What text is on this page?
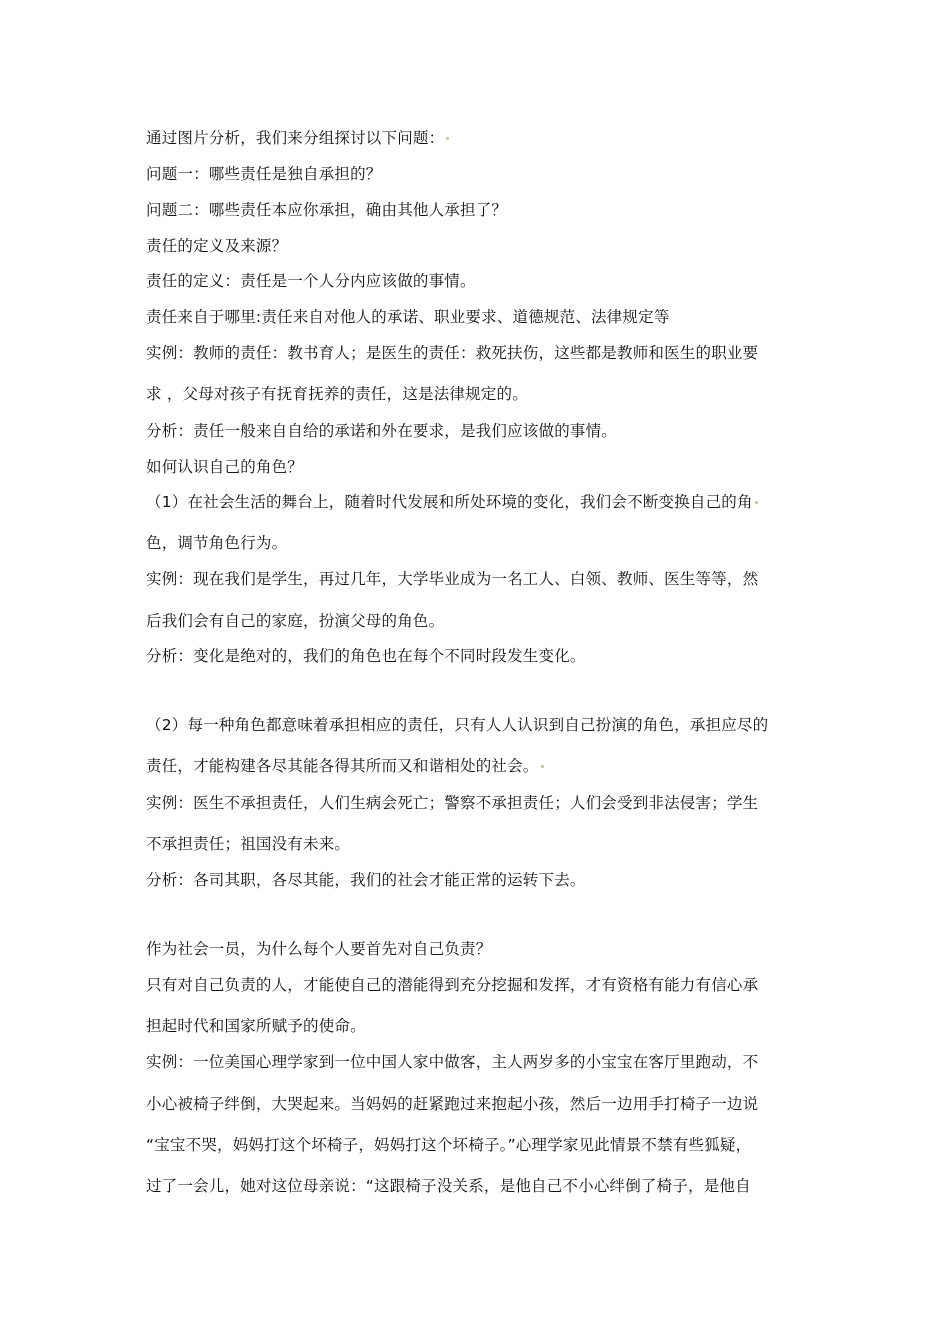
通过图片分析，我们来分组探讨以下问题：
问题一：哪些责任是独自承担的？
问题二：哪些责任本应你承担，确由其他人承担了？
责任的定义及来源？
责任的定义：责任是一个人分内应该做的事情。
责任来自于哪里:责任来自对他人的承诺、职业要求、道德规范、法律规定等
实例：教师的责任：教书育人；是医生的责任：救死扶伤，这些都是教师和医生的职业要
求 ，父母对孩子有抚育抚养的责任，这是法律规定的。
分析：责任一般来自自给的承诺和外在要求，是我们应该做的事情。
如何认识自己的角色？
（1）在社会生活的舞台上，随着时代发展和所处环境的变化，我们会不断变换自己的角
色，调节角色行为。
实例：现在我们是学生，再过几年，大学毕业成为一名工人、白领、教师、医生等等，然
后我们会有自己的家庭，扮演父母的角色。
分析：变化是绝对的，我们的角色也在每个不同时段发生变化。
（2）每一种角色都意味着承担相应的责任，只有人人认识到自己扮演的角色，承担应尽的
责任，才能构建各尽其能各得其所而又和谐相处的社会。
实例：医生不承担责任，人们生病会死亡；警察不承担责任；人们会受到非法侵害；学生
不承担责任；祖国没有未来。
分析：各司其职，各尽其能，我们的社会才能正常的运转下去。
作为社会一员，为什么每个人要首先对自己负责？
只有对自己负责的人，才能使自己的潜能得到充分挖掘和发挥，才有资格有能力有信心承
担起时代和国家所赋予的使命。
实例：一位美国心理学家到一位中国人家中做客，主人两岁多的小宝宝在客厅里跑动，不
小心被椅子绊倒，大哭起来。当妈妈的赶紧跑过来抱起小孩，然后一边用手打椅子一边说
“宝宝不哭，妈妈打这个坏椅子，妈妈打这个坏椅子。”心理学家见此情景不禁有些狐疑，
过了一会儿，她对这位母亲说：“这跟椅子没关系，是他自己不小心绊倒了椅子，是他自
